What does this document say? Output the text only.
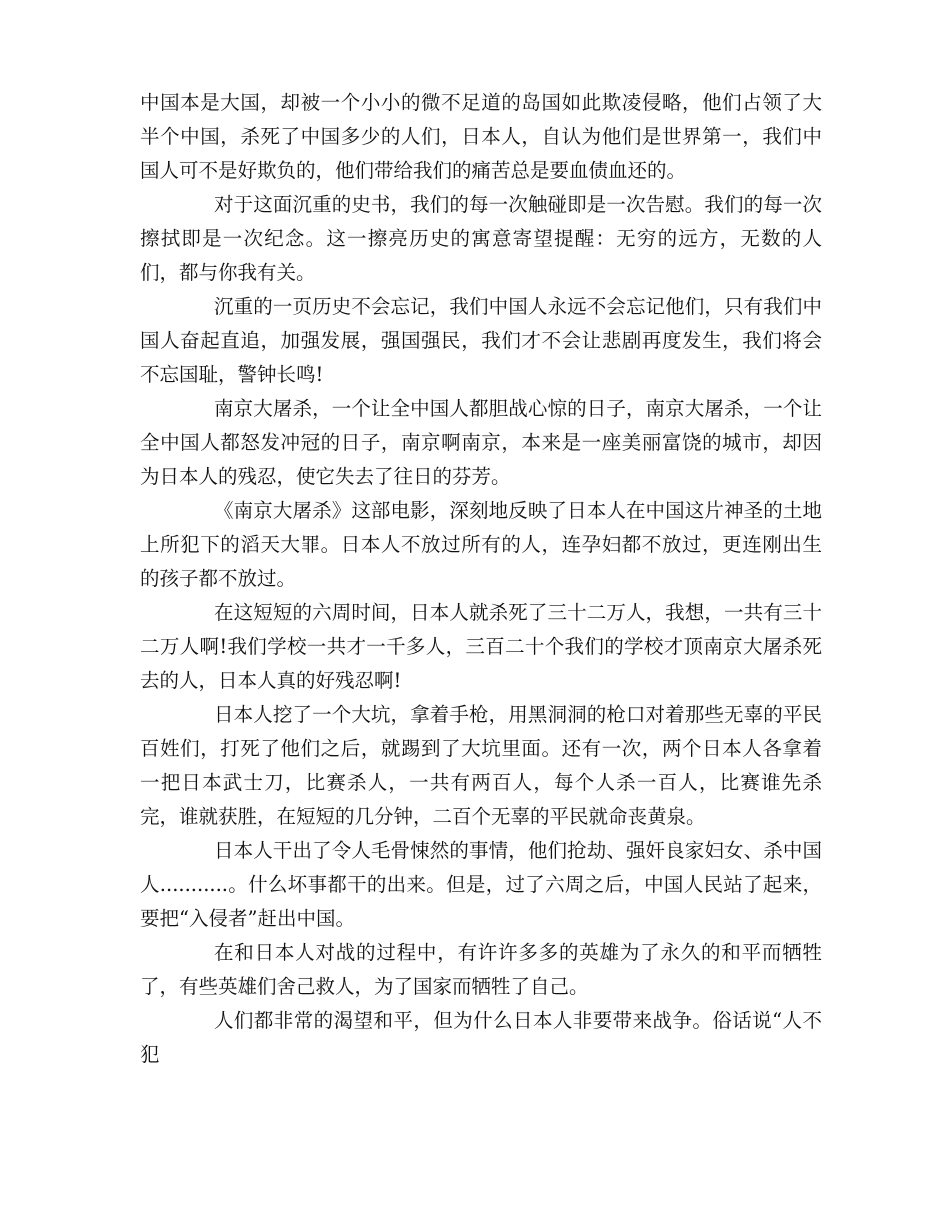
中国本是大国，却被一个小小的微不足道的岛国如此欺凌侵略，他们占领了大半个中国，杀死了中国多少的人们，日本人，自认为他们是世界第一，我们中国人可不是好欺负的，他们带给我们的痛苦总是要血债血还的。

对于这面沉重的史书，我们的每一次触碰即是一次告慰。我们的每一次擦拭即是一次纪念。这一擦亮历史的寓意寄望提醒：无穷的远方，无数的人们，都与你我有关。

沉重的一页历史不会忘记，我们中国人永远不会忘记他们，只有我们中国人奋起直追，加强发展，强国强民，我们才不会让悲剧再度发生，我们将会不忘国耻，警钟长鸣!

南京大屠杀，一个让全中国人都胆战心惊的日子，南京大屠杀，一个让全中国人都怒发冲冠的日子，南京啊南京，本来是一座美丽富饶的城市，却因为日本人的残忍，使它失去了往日的芬芳。

《南京大屠杀》这部电影，深刻地反映了日本人在中国这片神圣的土地上所犯下的滔天大罪。日本人不放过所有的人，连孕妇都不放过，更连刚出生的孩子都不放过。

在这短短的六周时间，日本人就杀死了三十二万人，我想，一共有三十二万人啊!我们学校一共才一千多人，三百二十个我们的学校才顶南京大屠杀死去的人，日本人真的好残忍啊!

日本人挖了一个大坑，拿着手枪，用黑洞洞的枪口对着那些无辜的平民百姓们，打死了他们之后，就踢到了大坑里面。还有一次，两个日本人各拿着一把日本武士刀，比赛杀人，一共有两百人，每个人杀一百人，比赛谁先杀完，谁就获胜，在短短的几分钟，二百个无辜的平民就命丧黄泉。

日本人干出了令人毛骨悚然的事情，他们抢劫、强奸良家妇女、杀中国人...........。什么坏事都干的出来。但是，过了六周之后，中国人民站了起来，要把“入侵者”赶出中国。

在和日本人对战的过程中，有许许多多的英雄为了永久的和平而牺牲了，有些英雄们舍己救人，为了国家而牺牲了自己。

人们都非常的渴望和平，但为什么日本人非要带来战争。俗话说“人不犯
